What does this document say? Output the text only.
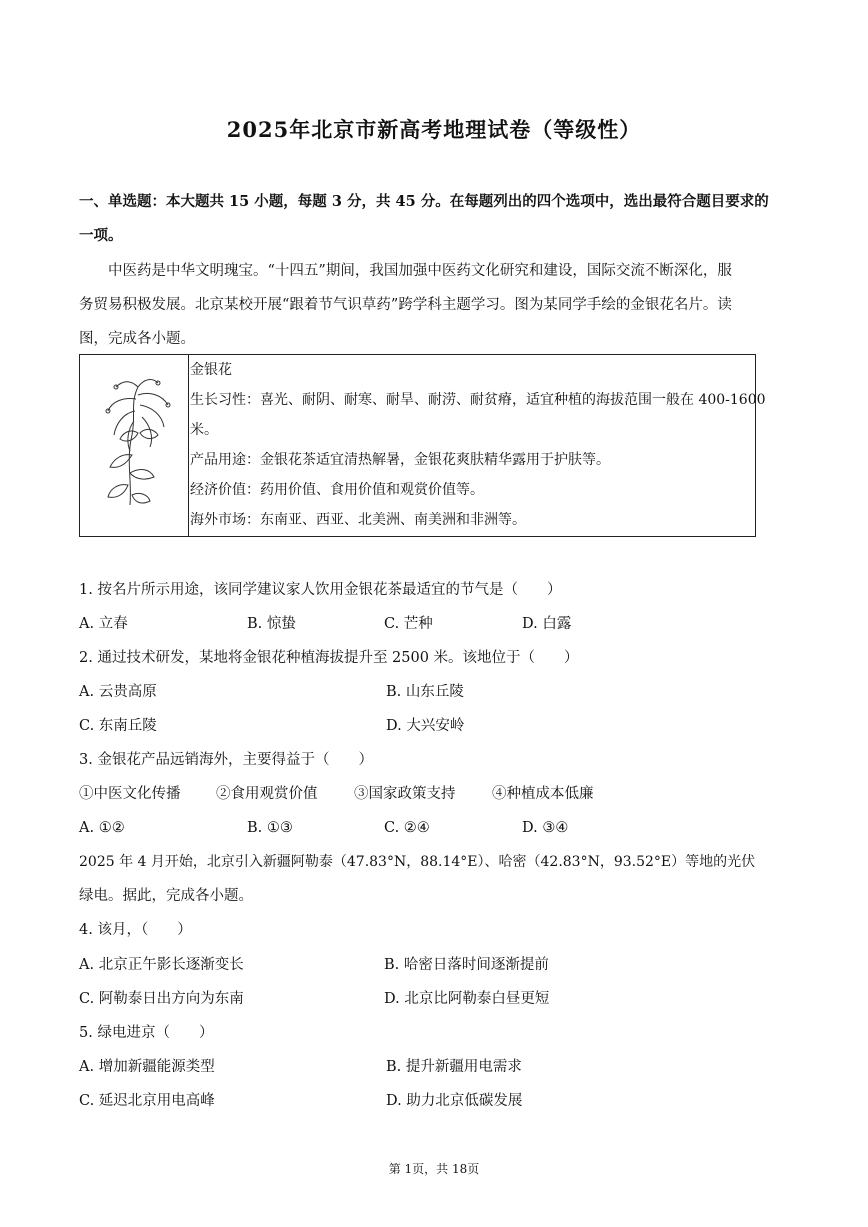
2025年北京市新高考地理试卷（等级性）
一、单选题：本大题共 15 小题，每题 3 分，共 45 分。在每题列出的四个选项中，选出最符合题目要求的
一项。
中医药是中华文明瑰宝。“十四五”期间，我国加强中医药文化研究和建设，国际交流不断深化，服
务贸易积极发展。北京某校开展“跟着节气识草药”跨学科主题学习。图为某同学手绘的金银花名片。读
图，完成各小题。
金银花
生长习性：喜光、耐阴、耐寒、耐旱、耐涝、耐贫瘠，适宜种植的海拔范围一般在 400-1600
米。
产品用途：金银花茶适宜清热解暑，金银花爽肤精华露用于护肤等。
经济价值：药用价值、食用价值和观赏价值等。
海外市场：东南亚、西亚、北美洲、南美洲和非洲等。
1. 按名片所示用途，该同学建议家人饮用金银花茶最适宜的节气是（　　）
A. 立春	B. 惊蛰	C. 芒种	D. 白露
2. 通过技术研发，某地将金银花种植海拔提升至 2500 米。该地位于（　　）
A. 云贵高原	B. 山东丘陵
C. 东南丘陵	D. 大兴安岭
3. 金银花产品远销海外，主要得益于（　　）
①中医文化传播 ②食用观赏价值	③国家政策支持	④种植成本低廉
A. ①②	B. ①③	C. ②④	D. ③④
2025 年 4 月开始，北京引入新疆阿勒泰（47.83°N，88.14°E）、哈密（42.83°N，93.52°E）等地的光伏
绿电。据此，完成各小题。
4. 该月，（　　）
A. 北京正午影长逐渐变长	B. 哈密日落时间逐渐提前
C. 阿勒泰日出方向为东南	D. 北京比阿勒泰白昼更短
5. 绿电进京（　　）
A. 增加新疆能源类型	B. 提升新疆用电需求
C. 延迟北京用电高峰	D. 助力北京低碳发展
第 1页，共 18页
